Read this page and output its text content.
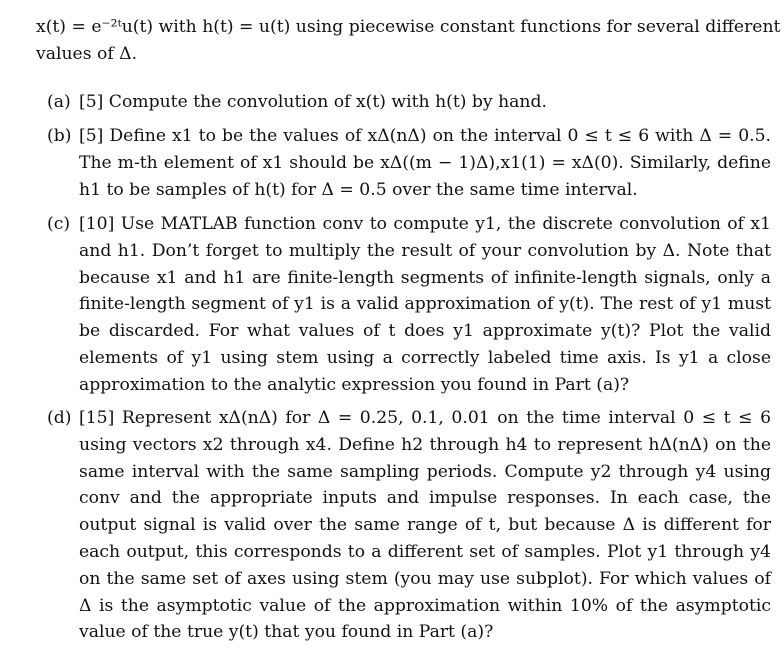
x(t) = e⁻²ᵗu(t) with h(t) = u(t) using piecewise constant functions for several different
values of Δ.
(a) [5] Compute the convolution of x(t) with h(t) by hand.
(b) [5] Define x1 to be the values of xΔ(nΔ) on the interval 0 ≤ t ≤ 6 with Δ = 0.5. The m-th element of x1 should be xΔ((m − 1)Δ),x1(1) = xΔ(0). Similarly, define h1 to be samples of h(t) for Δ = 0.5 over the same time interval.
(c) [10] Use MATLAB function conv to compute y1, the discrete convolution of x1 and h1. Don’t forget to multiply the result of your convolution by Δ. Note that because x1 and h1 are finite-length segments of infinite-length signals, only a finite-length segment of y1 is a valid approximation of y(t). The rest of y1 must be discarded. For what values of t does y1 approximate y(t)? Plot the valid elements of y1 using stem using a correctly labeled time axis. Is y1 a close approximation to the analytic expression you found in Part (a)?
(d) [15] Represent xΔ(nΔ) for Δ = 0.25, 0.1, 0.01 on the time interval 0 ≤ t ≤ 6 using vectors x2 through x4. Define h2 through h4 to represent hΔ(nΔ) on the same interval with the same sampling periods. Compute y2 through y4 using conv and the appropriate inputs and impulse responses. In each case, the output signal is valid over the same range of t, but because Δ is different for each output, this corresponds to a different set of samples. Plot y1 through y4 on the same set of axes using stem (you may use subplot). For which values of Δ is the asymptotic value of the approximation within 10% of the asymptotic value of the true y(t) that you found in Part (a)?
